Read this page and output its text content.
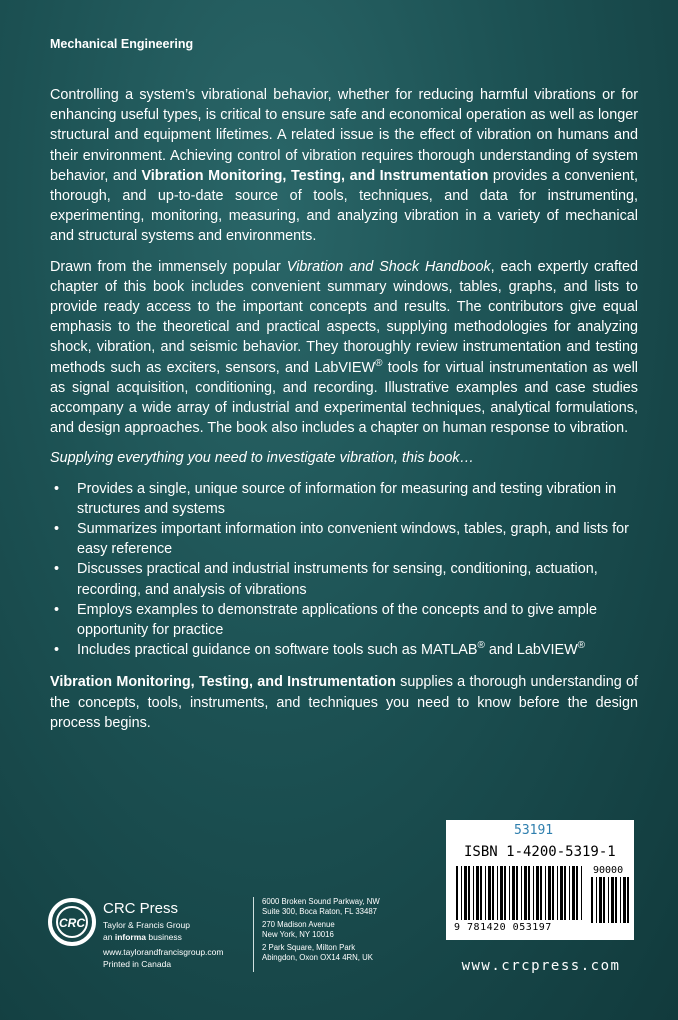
Mechanical Engineering

Controlling a system’s vibrational behavior, whether for reducing harmful vibrations or for enhancing useful types, is critical to ensure safe and economical operation as well as longer structural and equipment lifetimes. A related issue is the effect of vibration on humans and their environment. Achieving control of vibration requires thorough understanding of system behavior, and Vibration Monitoring, Testing, and Instrumentation provides a convenient, thorough, and up-to-date source of tools, techniques, and data for instrumenting, experimenting, monitoring, measuring, and analyzing vibration in a variety of mechanical and structural systems and environments.

Drawn from the immensely popular Vibration and Shock Handbook, each expertly crafted chapter of this book includes convenient summary windows, tables, graphs, and lists to provide ready access to the important concepts and results. The contributors give equal emphasis to the theoretical and practical aspects, supplying methodologies for analyzing shock, vibration, and seismic behavior. They thoroughly review instrumentation and testing methods such as exciters, sensors, and LabVIEW® tools for virtual instrumentation as well as signal acquisition, conditioning, and recording. Illustrative examples and case studies accompany a wide array of industrial and experimental techniques, analytical formulations, and design approaches. The book also includes a chapter on human response to vibration.

Supplying everything you need to investigate vibration, this book…

• Provides a single, unique source of information for measuring and testing vibration in structures and systems
• Summarizes important information into convenient windows, tables, graph, and lists for easy reference
• Discusses practical and industrial instruments for sensing, conditioning, actuation, recording, and analysis of vibrations
• Employs examples to demonstrate applications of the concepts and to give ample opportunity for practice
• Includes practical guidance on software tools such as MATLAB® and LabVIEW®

Vibration Monitoring, Testing, and Instrumentation supplies a thorough understanding of the concepts, tools, instruments, and techniques you need to know before the design process begins.

53191
ISBN 1-4200-5319-1
90000
9 781420 053197
www.crcpress.com
CRC
CRC Press
Taylor & Francis Group
an informa business
www.taylorandfrancisgroup.com
Printed in Canada
6000 Broken Sound Parkway, NW
Suite 300, Boca Raton, FL 33487
270 Madison Avenue
New York, NY 10016
2 Park Square, Milton Park
Abingdon, Oxon OX14 4RN, UK
